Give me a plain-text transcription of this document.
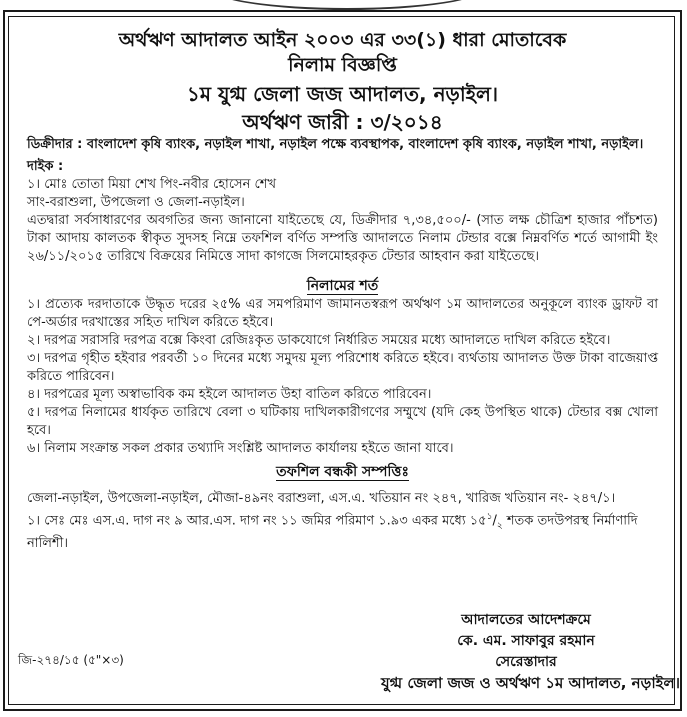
অর্থঋণ আদালত আইন ২০০৩ এর ৩৩(১) ধারা মোতাবেক

নিলাম বিজ্ঞপ্তি

১ম যুগ্ম জেলা জজ আদালত, নড়াইল।

অর্থঋণ জারী : ৩/২০১৪

ডিক্রীদার : বাংলাদেশ কৃষি ব্যাংক, নড়াইল শাখা, নড়াইল পক্ষে ব্যবস্থাপক, বাংলাদেশ কৃষি ব্যাংক, নড়াইল শাখা, নড়াইল।

দাইক :

১। মোঃ তোতা মিয়া শেখ পিং-নবীর হোসেন শেখ

সাং-বরাশুলা, উপজেলা ও জেলা-নড়াইল।

এতদ্বারা সর্বসাধারণের অবগতির জন্য জানানো যাইতেছে যে, ডিক্রীদার ৭,৩৪,৫০০/- (সাত লক্ষ চৌত্রিশ হাজার পাঁচশত) টাকা আদায় কালতক স্বীকৃত সুদসহ নিম্নে তফশিল বর্ণিত সম্পত্তি আদালতে নিলাম টেন্ডার বক্সে নিম্নবর্ণিত শর্তে আগামী ইং ২৬/১১/২০১৫ তারিখে বিক্রয়ের নিমিত্তে সাদা কাগজে সিলমোহরকৃত টেন্ডার আহবান করা যাইতেছে।

নিলামের শর্ত

১। প্রত্যেক দরদাতাকে উদ্ধৃত দরের ২৫% এর সমপরিমাণ জামানতস্বরূপ অর্থঋণ ১ম আদালতের অনুকূলে ব্যাংক ড্রাফট বা পে-অর্ডার দরখাস্তের সহিত দাখিল করিতে হইবে।

২। দরপত্র সরাসরি দরপত্র বক্সে কিংবা রেজিঃকৃত ডাকযোগে নির্ধারিত সময়ের মধ্যে আদালতে দাখিল করিতে হইবে।

৩। দরপত্র গৃহীত হইবার পরবর্তী ১০ দিনের মধ্যে সমুদয় মূল্য পরিশোধ করিতে হইবে। ব্যর্থতায় আদালত উক্ত টাকা বাজেয়াপ্ত করিতে পারিবেন।

৪। দরপত্রের মূল্য অস্বাভাবিক কম হইলে আদালত উহা বাতিল করিতে পারিবেন।

৫। দরপত্র নিলামের ধার্যকৃত তারিখে বেলা ৩ ঘটিকায় দাখিলকারীগণের সম্মুখে (যদি কেহ উপস্থিত থাকে) টেন্ডার বক্স খোলা হবে।

৬। নিলাম সংক্রান্ত সকল প্রকার তথ্যাদি সংশ্লিষ্ট আদালত কার্যালয় হইতে জানা যাবে।

তফশিল বন্ধকী সম্পত্তিঃ

জেলা-নড়াইল, উপজেলা-নড়াইল, মৌজা-৪৯নং বরাশুলা, এস.এ. খতিয়ান নং ২৪৭, খারিজ খতিয়ান নং- ২৪৭/১।

১। সেঃ মেঃ এস.এ. দাগ নং ৯ আর.এস. দাগ নং ১১ জমির পরিমাণ ১.৯৩ একর মধ্যে $১৫^১/_২$ শতক তদউপরস্থ নির্মাণাদি নালিশী।

আদালতের আদেশক্রমে
কে. এম. সাফাবুর রহমান
সেরেস্তাদার
যুগ্ম জেলা জজ ও অর্থঋণ ১ম আদালত, নড়াইল।
জি-২৭৪/১৫ (৫"×৩)
